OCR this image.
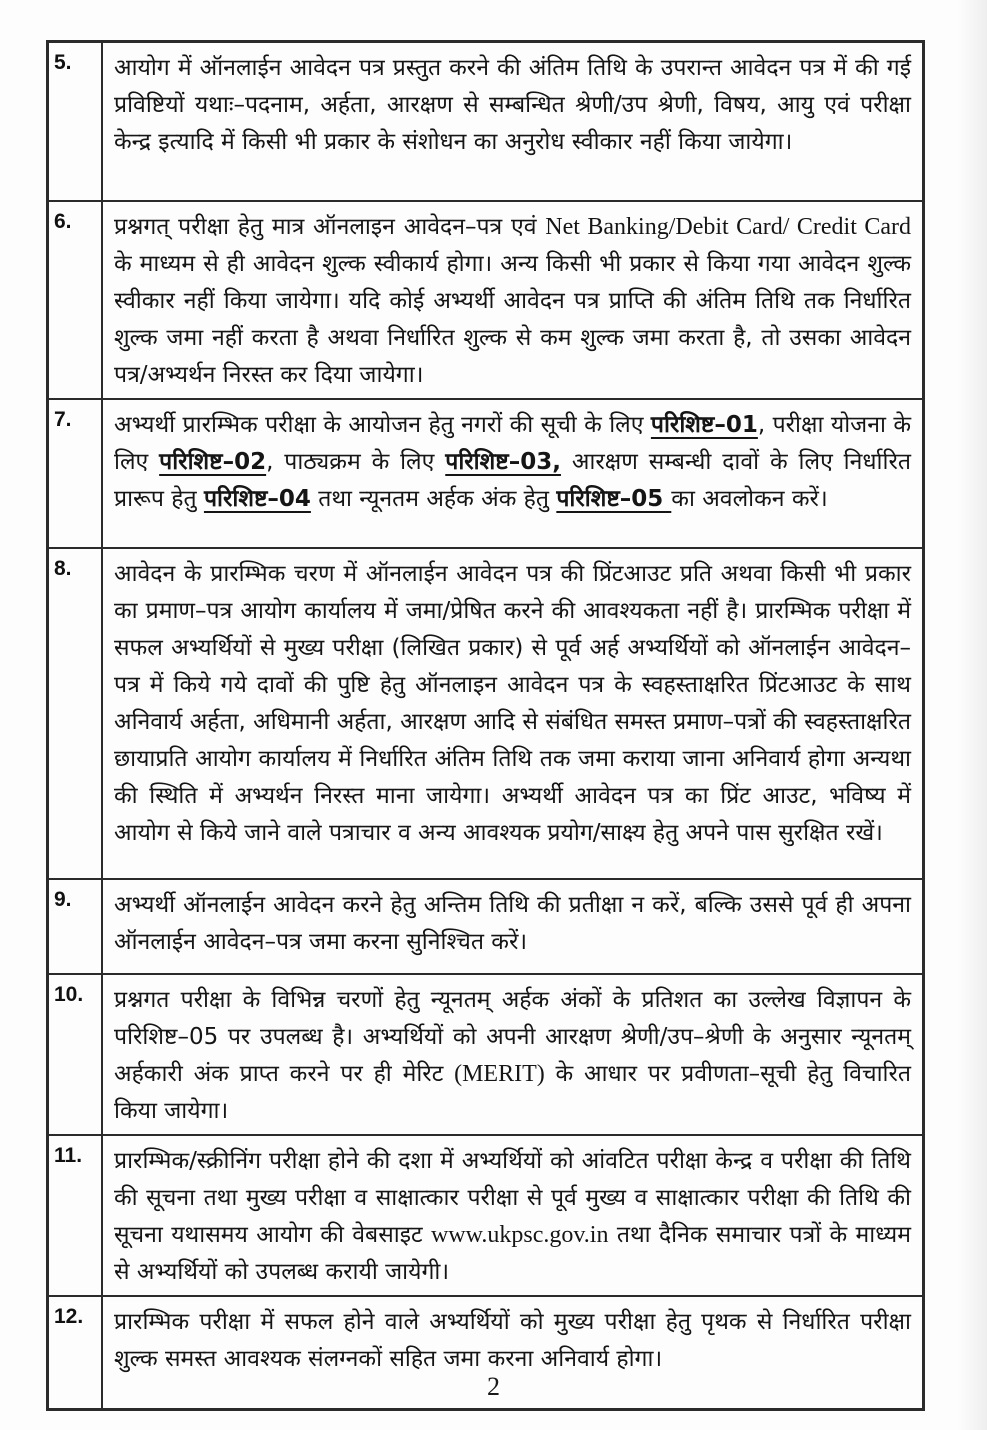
5.	आयोग में ऑनलाईन आवेदन पत्र प्रस्तुत करने की अंतिम तिथि के उपरान्त आवेदन पत्र में की गई प्रविष्टियों यथाः–पदनाम, अर्हता, आरक्षण से सम्बन्धित श्रेणी/उप श्रेणी, विषय, आयु एवं परीक्षा केन्द्र इत्यादि में किसी भी प्रकार के संशोधन का अनुरोध स्वीकार नहीं किया जायेगा।
6.	प्रश्नगत् परीक्षा हेतु मात्र ऑनलाइन आवेदन–पत्र एवं Net Banking/Debit Card/ Credit Card के माध्यम से ही आवेदन शुल्क स्वीकार्य होगा। अन्य किसी भी प्रकार से किया गया आवेदन शुल्क स्वीकार नहीं किया जायेगा। यदि कोई अभ्यर्थी आवेदन पत्र प्राप्ति की अंतिम तिथि तक निर्धारित शुल्क जमा नहीं करता है अथवा निर्धारित शुल्क से कम शुल्क जमा करता है, तो उसका आवेदन पत्र/अभ्यर्थन निरस्त कर दिया जायेगा।
7.	अभ्यर्थी प्रारम्भिक परीक्षा के आयोजन हेतु नगरों की सूची के लिए परिशिष्ट–01, परीक्षा योजना के लिए परिशिष्ट–02, पाठ्यक्रम के लिए परिशिष्ट–03, आरक्षण सम्बन्धी दावों के लिए निर्धारित प्रारूप हेतु परिशिष्ट–04 तथा न्यूनतम अर्हक अंक हेतु परिशिष्ट–05 का अवलोकन करें।
8.	आवेदन के प्रारम्भिक चरण में ऑनलाईन आवेदन पत्र की प्रिंटआउट प्रति अथवा किसी भी प्रकार का प्रमाण–पत्र आयोग कार्यालय में जमा/प्रेषित करने की आवश्यकता नहीं है। प्रारम्भिक परीक्षा में सफल अभ्यर्थियों से मुख्य परीक्षा (लिखित प्रकार) से पूर्व अर्ह अभ्यर्थियों को ऑनलाईन आवेदन–पत्र में किये गये दावों की पुष्टि हेतु ऑनलाइन आवेदन पत्र के स्वहस्ताक्षरित प्रिंटआउट के साथ अनिवार्य अर्हता, अधिमानी अर्हता, आरक्षण आदि से संबंधित समस्त प्रमाण–पत्रों की स्वहस्ताक्षरित छायाप्रति आयोग कार्यालय में निर्धारित अंतिम तिथि तक जमा कराया जाना अनिवार्य होगा अन्यथा की स्थिति में अभ्यर्थन निरस्त माना जायेगा। अभ्यर्थी आवेदन पत्र का प्रिंट आउट, भविष्य में आयोग से किये जाने वाले पत्राचार व अन्य आवश्यक प्रयोग/साक्ष्य हेतु अपने पास सुरक्षित रखें।
9.	अभ्यर्थी ऑनलाईन आवेदन करने हेतु अन्तिम तिथि की प्रतीक्षा न करें, बल्कि उससे पूर्व ही अपना ऑनलाईन आवेदन–पत्र जमा करना सुनिश्चित करें।
10.	प्रश्नगत परीक्षा के विभिन्न चरणों हेतु न्यूनतम् अर्हक अंकों के प्रतिशत का उल्लेख विज्ञापन के परिशिष्ट–05 पर उपलब्ध है। अभ्यर्थियों को अपनी आरक्षण श्रेणी/उप–श्रेणी के अनुसार न्यूनतम् अर्हकारी अंक प्राप्त करने पर ही मेरिट (MERIT) के आधार पर प्रवीणता–सूची हेतु विचारित किया जायेगा।
11.	प्रारम्भिक/स्क्रीनिंग परीक्षा होने की दशा में अभ्यर्थियों को आंवटित परीक्षा केन्द्र व परीक्षा की तिथि की सूचना तथा मुख्य परीक्षा व साक्षात्कार परीक्षा से पूर्व मुख्य व साक्षात्कार परीक्षा की तिथि की सूचना यथासमय आयोग की वेबसाइट www.ukpsc.gov.in तथा दैनिक समाचार पत्रों के माध्यम से अभ्यर्थियों को उपलब्ध करायी जायेगी।
12.	प्रारम्भिक परीक्षा में सफल होने वाले अभ्यर्थियों को मुख्य परीक्षा हेतु पृथक से निर्धारित परीक्षा शुल्क समस्त आवश्यक संलग्नकों सहित जमा करना अनिवार्य होगा।
2
